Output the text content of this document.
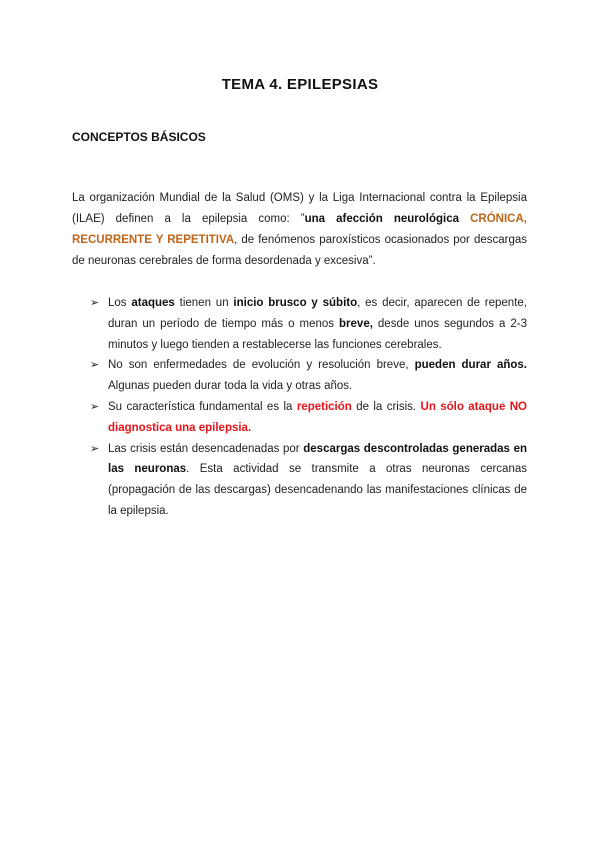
TEMA 4. EPILEPSIAS
CONCEPTOS BÁSICOS

La organización Mundial de la Salud (OMS) y la Liga Internacional contra la Epilepsia (ILAE) definen a la epilepsia como: ”una afección neurológica CRÓNICA, RECURRENTE Y REPETITIVA, de fenómenos paroxísticos ocasionados por descargas de neuronas cerebrales de forma desordenada y excesiva”.

➢ Los ataques tienen un inicio brusco y súbito, es decir, aparecen de repente, duran un período de tiempo más o menos breve, desde unos segundos a 2-3 minutos y luego tienden a restablecerse las funciones cerebrales.
➢ No son enfermedades de evolución y resolución breve, pueden durar años. Algunas pueden durar toda la vida y otras años.
➢ Su característica fundamental es la repetición de la crisis. Un sólo ataque NO diagnostica una epilepsia.
➢ Las crisis están desencadenadas por descargas descontroladas generadas en las neuronas. Esta actividad se transmite a otras neuronas cercanas (propagación de las descargas) desencadenando las manifestaciones clínicas de la epilepsia.
